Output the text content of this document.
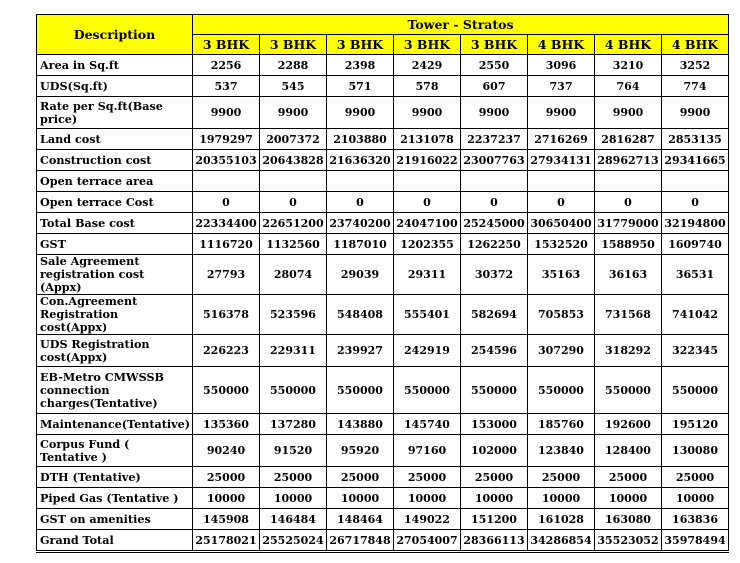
Description	Tower - Stratos							
	3 BHK	3 BHK	3 BHK	3 BHK	3 BHK	4 BHK	4 BHK	4 BHK
Area in Sq.ft	2256	2288	2398	2429	2550	3096	3210	3252
UDS(Sq.ft)	537	545	571	578	607	737	764	774
Rate per Sq.ft(Base price)	9900	9900	9900	9900	9900	9900	9900	9900
Land cost	1979297	2007372	2103880	2131078	2237237	2716269	2816287	2853135
Construction cost	20355103	20643828	21636320	21916022	23007763	27934131	28962713	29341665
Open terrace area								
Open terrace Cost	0	0	0	0	0	0	0	0
Total Base cost	22334400	22651200	23740200	24047100	25245000	30650400	31779000	32194800
GST	1116720	1132560	1187010	1202355	1262250	1532520	1588950	1609740
Sale Agreement registration cost (Appx)	27793	28074	29039	29311	30372	35163	36163	36531
Con.Agreement Registration cost(Appx)	516378	523596	548408	555401	582694	705853	731568	741042
UDS Registration cost(Appx)	226223	229311	239927	242919	254596	307290	318292	322345
EB-Metro CMWSSB connection charges(Tentative)	550000	550000	550000	550000	550000	550000	550000	550000
Maintenance(Tentative)	135360	137280	143880	145740	153000	185760	192600	195120
Corpus Fund ( Tentative )	90240	91520	95920	97160	102000	123840	128400	130080
DTH (Tentative)	25000	25000	25000	25000	25000	25000	25000	25000
Piped Gas (Tentative )	10000	10000	10000	10000	10000	10000	10000	10000
GST on amenities	145908	146484	148464	149022	151200	161028	163080	163836
Grand Total	25178021	25525024	26717848	27054007	28366113	34286854	35523052	35978494
